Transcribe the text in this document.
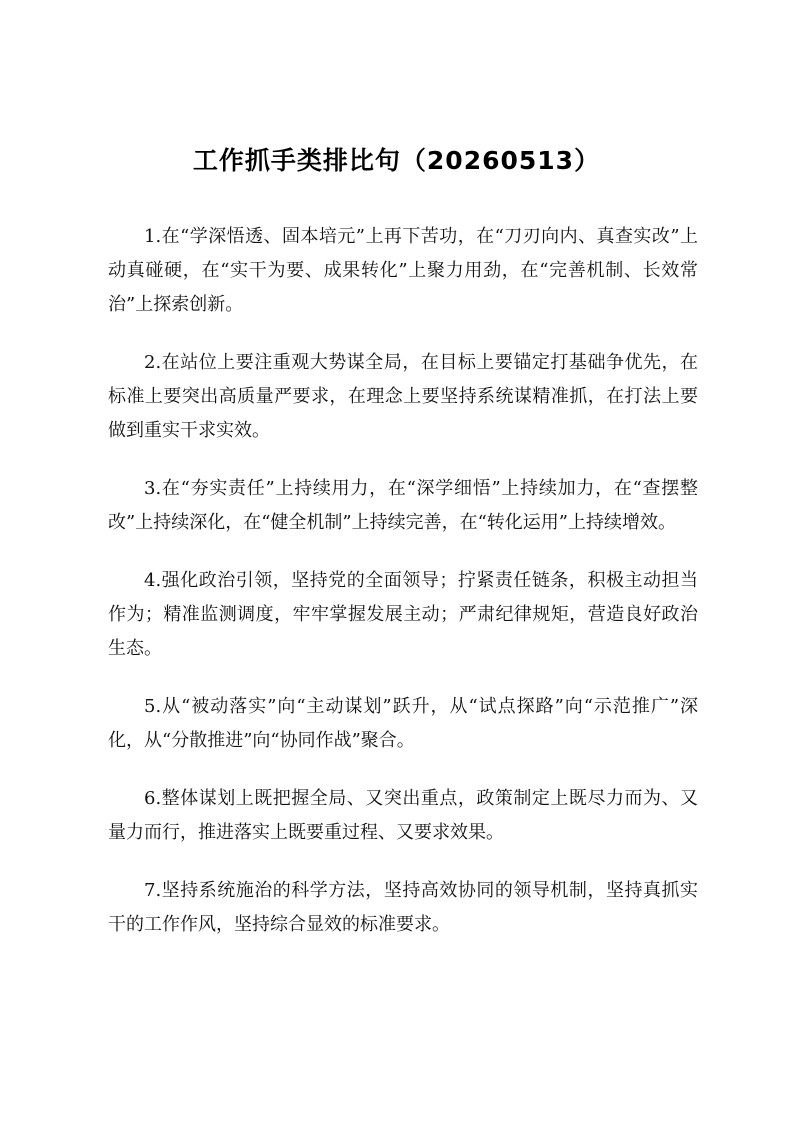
工作抓手类排比句（20260513）

1.在“学深悟透、固本培元”上再下苦功，在“刀刃向内、真查实改”上动真碰硬，在“实干为要、成果转化”上聚力用劲，在“完善机制、长效常治”上探索创新。

2.在站位上要注重观大势谋全局，在目标上要锚定打基础争优先，在标准上要突出高质量严要求，在理念上要坚持系统谋精准抓，在打法上要做到重实干求实效。

3.在“夯实责任”上持续用力，在“深学细悟”上持续加力，在“查摆整改”上持续深化，在“健全机制”上持续完善，在“转化运用”上持续增效。

4.强化政治引领，坚持党的全面领导；拧紧责任链条，积极主动担当作为；精准监测调度，牢牢掌握发展主动；严肃纪律规矩，营造良好政治生态。

5.从“被动落实”向“主动谋划”跃升，从“试点探路”向“示范推广”深化，从“分散推进”向“协同作战”聚合。

6.整体谋划上既把握全局、又突出重点，政策制定上既尽力而为、又量力而行，推进落实上既要重过程、又要求效果。

7.坚持系统施治的科学方法，坚持高效协同的领导机制，坚持真抓实干的工作作风，坚持综合显效的标准要求。
